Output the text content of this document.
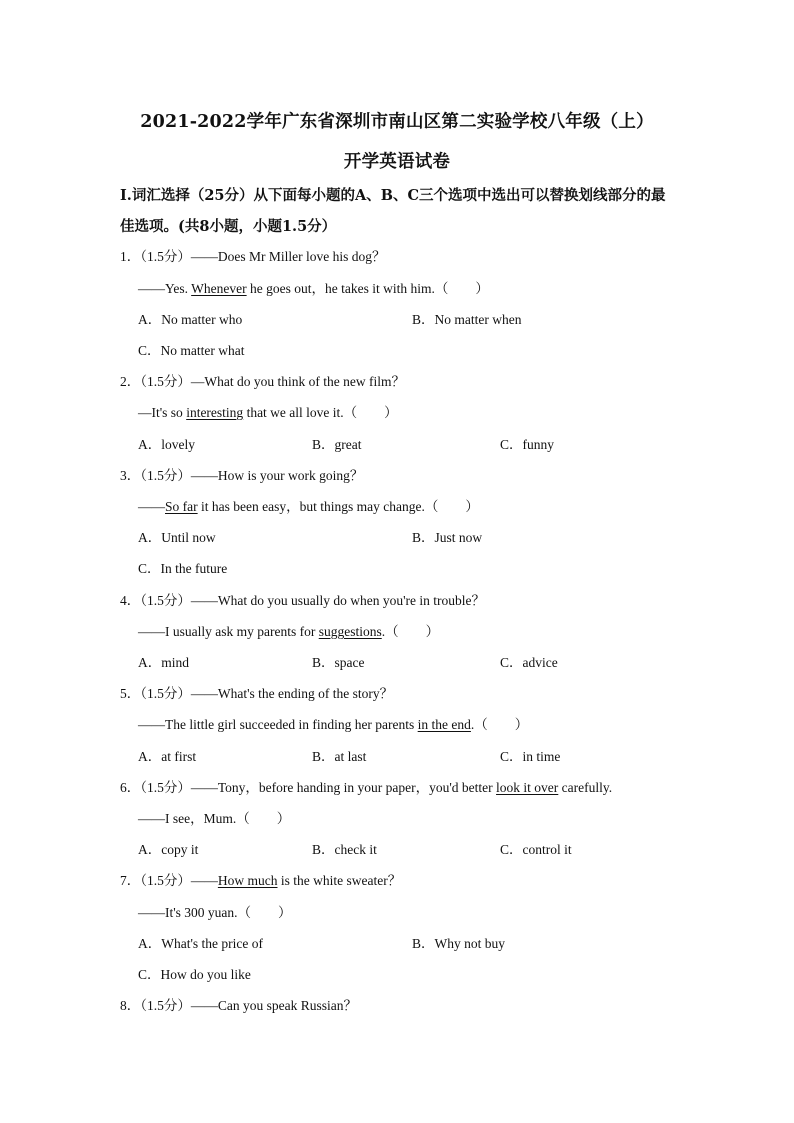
2021-2022学年广东省深圳市南山区第二实验学校八年级（上）
开学英语试卷
I.词汇选择（25分）从下面每小题的A、B、C三个选项中选出可以替换划线部分的最佳选项。(共8小题，小题1.5分）
1．（1.5分）——Does Mr Miller love his dog？
——Yes. Whenever he goes out，he takes it with him.（　　）
A．No matter who	B．No matter when
C．No matter what
2．（1.5分）—What do you think of the new film？
—It's so interesting that we all love it.（　　）
A．lovely	B．great	C．funny
3．（1.5分）——How is your work going？
——So far it has been easy，but things may change.（　　）
A．Until now	B．Just now
C．In the future
4．（1.5分）——What do you usually do when you're in trouble？
——I usually ask my parents for suggestions.（　　）
A．mind	B．space	C．advice
5．（1.5分）——What's the ending of the story？
——The little girl succeeded in finding her parents in the end.（　　）
A．at first	B．at last	C．in time
6．（1.5分）——Tony，before handing in your paper，you'd better look it over carefully.
——I see，Mum.（　　）
A．copy it	B．check it	C．control it
7．（1.5分）——How much is the white sweater？
——It's 300 yuan.（　　）
A．What's the price of	B．Why not buy
C．How do you like
8．（1.5分）——Can you speak Russian？
